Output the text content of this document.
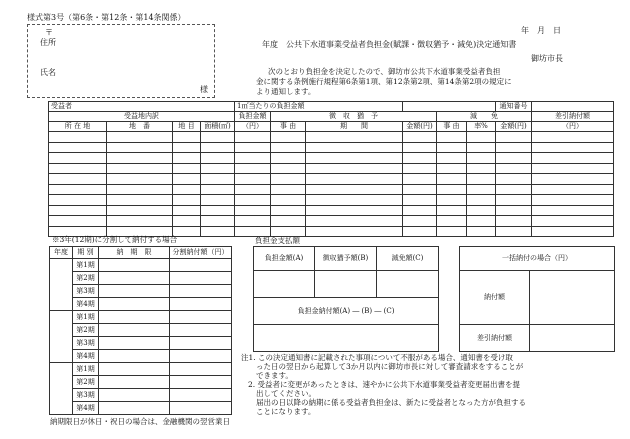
様式第3号（第6条・第12条・第14条関係）
年　月　日
〒
住所
氏名
様
年度　公共下水道事業受益者負担金(賦課・徴収猶予・減免)決定通知書
御坊市長
次のとおり負担金を決定したので、御坊市公共下水道事業受益者負担
金に関する条例施行規程第6条第1項、第12条第2項、第14条第2項の規定に
より通知します。
受益者				1㎡当たりの負担金額						通知番号	
受益地内訳				負担金額	徴　収　猶　予			減　　免			差引納付額
所 在 地	地　番	地 目	面積(㎡)	（円）	事 由	期　　間	金額(円)	事 由	率%	金額(円)	（円）

※3年(12期)に分割して納付する場合
年度	期 別	納　期　限	分割納付額（円）
	第1期		
	第2期		
	第3期		
	第4期		
	第1期		
	第2期		
	第3期		
	第4期		
	第1期		
	第2期		
	第3期		
	第4期		
負担金支払額
負担金額(A)	徴収猶予額(B)	減免額(C)

負担金納付額(A) ― (B) ― (C)		

一括納付の場合（円）	
納付額	
差引納付額	
注1. この決定通知書に記載された事項について不服がある場合、通知書を受け取
った日の翌日から起算して3か月以内に御坊市長に対して審査請求をすることが
できます。
2. 受益者に変更があったときは、速やかに公共下水道事業受益者変更届出書を提
出してください。
届出の日以降の納期に係る受益者負担金は、新たに受益者となった方が負担する
ことになります。
納期限日が休日・祝日の場合は、金融機関の翌営業日
